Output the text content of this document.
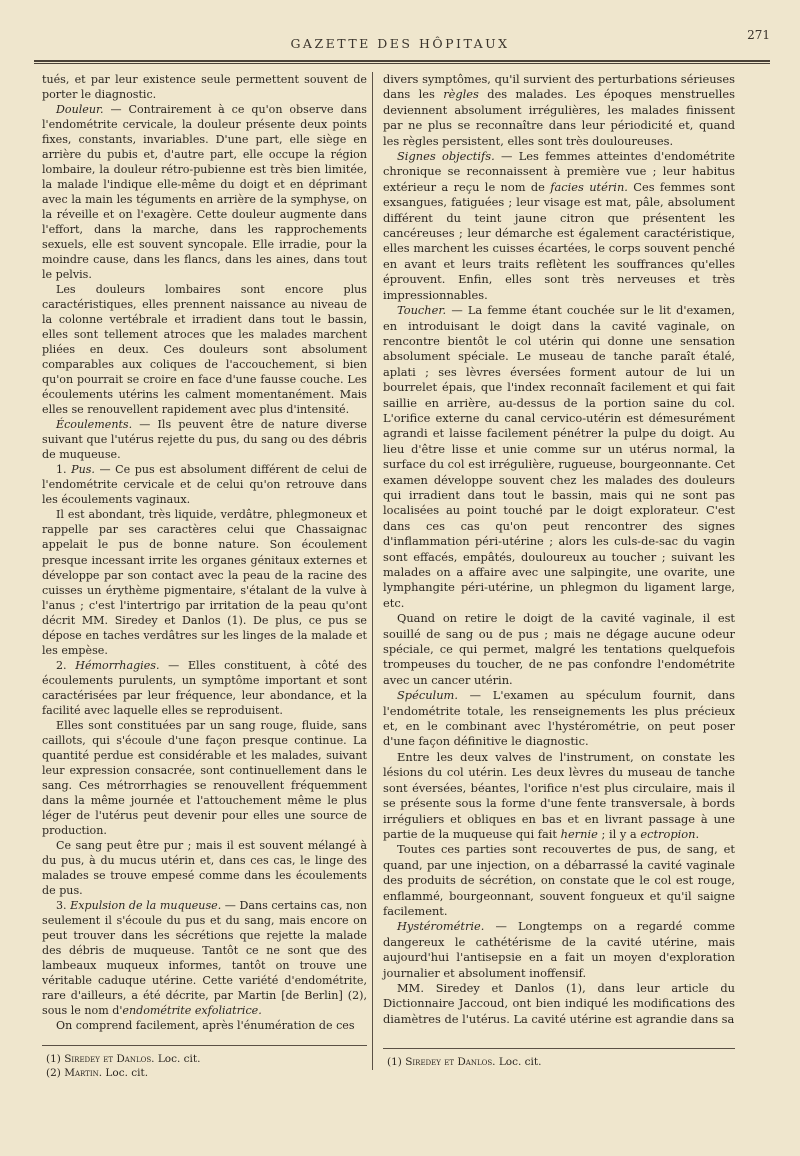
GAZETTE DES HÔPITAUX
271

tués, et par leur existence seule permettent souvent de porter le diagnostic.

Douleur. — Contrairement à ce qu'on observe dans l'endométrite cervicale, la douleur présente deux points fixes, constants, invariables. D'une part, elle siège en arrière du pubis et, d'autre part, elle occupe la région lombaire, la douleur rétro-pubienne est très bien limitée, la malade l'indique elle-même du doigt et en déprimant avec la main les téguments en arrière de la symphyse, on la réveille et on l'exagère. Cette douleur augmente dans l'effort, dans la marche, dans les rapprochements sexuels, elle est souvent syncopale. Elle irradie, pour la moindre cause, dans les flancs, dans les aines, dans tout le pelvis.

Les douleurs lombaires sont encore plus caractéristiques, elles prennent naissance au niveau de la colonne vertébrale et irradient dans tout le bassin, elles sont tellement atroces que les malades marchent pliées en deux. Ces douleurs sont absolument comparables aux coliques de l'accouchement, si bien qu'on pourrait se croire en face d'une fausse couche. Les écoulements utérins les calment momentanément. Mais elles se renouvellent rapidement avec plus d'intensité.

Écoulements. — Ils peuvent être de nature diverse suivant que l'utérus rejette du pus, du sang ou des débris de muqueuse.

1. Pus. — Ce pus est absolument différent de celui de l'endométrite cervicale et de celui qu'on retrouve dans les écoulements vaginaux.

Il est abondant, très liquide, verdâtre, phlegmoneux et rappelle par ses caractères celui que Chassaignac appelait le pus de bonne nature. Son écoulement presque incessant irrite les organes génitaux externes et développe par son contact avec la peau de la racine des cuisses un érythème pigmentaire, s'étalant de la vulve à l'anus ; c'est l'intertrigo par irritation de la peau qu'ont décrit MM. Siredey et Danlos (1). De plus, ce pus se dépose en taches verdâtres sur les linges de la malade et les empèse.

2. Hémorrhagies. — Elles constituent, à côté des écoulements purulents, un symptôme important et sont caractérisées par leur fréquence, leur abondance, et la facilité avec laquelle elles se reproduisent.

Elles sont constituées par un sang rouge, fluide, sans caillots, qui s'écoule d'une façon presque continue. La quantité perdue est considérable et les malades, suivant leur expression consacrée, sont continuellement dans le sang. Ces métrorrhagies se renouvellent fréquemment dans la même journée et l'attouchement même le plus léger de l'utérus peut devenir pour elles une source de production.

Ce sang peut être pur ; mais il est souvent mélangé à du pus, à du mucus utérin et, dans ces cas, le linge des malades se trouve empesé comme dans les écoulements de pus.

3. Expulsion de la muqueuse. — Dans certains cas, non seulement il s'écoule du pus et du sang, mais encore on peut trouver dans les sécrétions que rejette la malade des débris de muqueuse. Tantôt ce ne sont que des lambeaux muqueux informes, tantôt on trouve une véritable caduque utérine. Cette variété d'endométrite, rare d'ailleurs, a été décrite, par Martin [de Berlin] (2), sous le nom d'endométrite exfoliatrice.

On comprend facilement, après l'énumération de ces

(1) Siredey et Danlos. Loc. cit.
(2) Martin. Loc. cit.

divers symptômes, qu'il survient des perturbations sérieuses dans les règles des malades. Les époques menstruelles deviennent absolument irrégulières, les malades finissent par ne plus se reconnaître dans leur périodicité et, quand les règles persistent, elles sont très douloureuses.

Signes objectifs. — Les femmes atteintes d'endométrite chronique se reconnaissent à première vue ; leur habitus extérieur a reçu le nom de facies utérin. Ces femmes sont exsangues, fatiguées ; leur visage est mat, pâle, absolument différent du teint jaune citron que présentent les cancéreuses ; leur démarche est également caractéristique, elles marchent les cuisses écartées, le corps souvent penché en avant et leurs traits reflètent les souffrances qu'elles éprouvent. Enfin, elles sont très nerveuses et très impressionnables.

Toucher. — La femme étant couchée sur le lit d'examen, en introduisant le doigt dans la cavité vaginale, on rencontre bientôt le col utérin qui donne une sensation absolument spéciale. Le museau de tanche paraît étalé, aplati ; ses lèvres éversées forment autour de lui un bourrelet épais, que l'index reconnaît facilement et qui fait saillie en arrière, au-dessus de la portion saine du col. L'orifice externe du canal cervico-utérin est démesurément agrandi et laisse facilement pénétrer la pulpe du doigt. Au lieu d'être lisse et unie comme sur un utérus normal, la surface du col est irrégulière, rugueuse, bourgeonnante. Cet examen développe souvent chez les malades des douleurs qui irradient dans tout le bassin, mais qui ne sont pas localisées au point touché par le doigt explorateur. C'est dans ces cas qu'on peut rencontrer des signes d'inflammation péri-utérine ; alors les culs-de-sac du vagin sont effacés, empâtés, douloureux au toucher ; suivant les malades on a affaire avec une salpingite, une ovarite, une lymphangite péri-utérine, un phlegmon du ligament large, etc.

Quand on retire le doigt de la cavité vaginale, il est souillé de sang ou de pus ; mais ne dégage aucune odeur spéciale, ce qui permet, malgré les tentations quelquefois trompeuses du toucher, de ne pas confondre l'endométrite avec un cancer utérin.

Spéculum. — L'examen au spéculum fournit, dans l'endométrite totale, les renseignements les plus précieux et, en le combinant avec l'hystérométrie, on peut poser d'une façon définitive le diagnostic.

Entre les deux valves de l'instrument, on constate les lésions du col utérin. Les deux lèvres du museau de tanche sont éversées, béantes, l'orifice n'est plus circulaire, mais il se présente sous la forme d'une fente transversale, à bords irréguliers et obliques en bas et en livrant passage à une partie de la muqueuse qui fait hernie ; il y a ectropion.

Toutes ces parties sont recouvertes de pus, de sang, et quand, par une injection, on a débarrassé la cavité vaginale des produits de sécrétion, on constate que le col est rouge, enflammé, bourgeonnant, souvent fongueux et qu'il saigne facilement.

Hystérométrie. — Longtemps on a regardé comme dangereux le cathétérisme de la cavité utérine, mais aujourd'hui l'antisepsie en a fait un moyen d'exploration journalier et absolument inoffensif.

MM. Siredey et Danlos (1), dans leur article du Dictionnaire Jaccoud, ont bien indiqué les modifications des diamètres de l'utérus. La cavité utérine est agrandie dans sa

(1) Siredey et Danlos. Loc. cit.
